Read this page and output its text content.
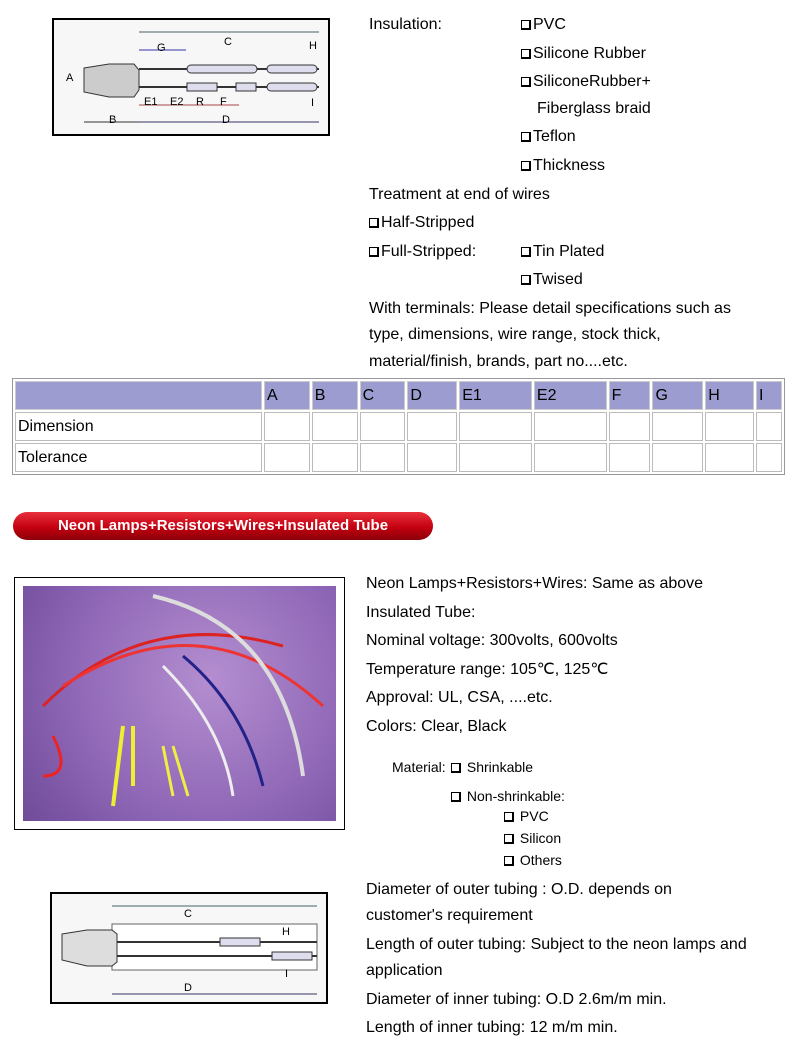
G	C	H
A
E1 E2 R F	I
B	D
Insulation:	PVC
Silicone Rubber
SiliconeRubber+
Fiberglass braid
Teflon
Thickness
Treatment at end of wires
Half-Stripped
Full-Stripped:	Tin Plated
Twised
With terminals: Please detail specifications such as
type, dimensions, wire range, stock thick,
material/finish, brands, part no....etc.
	A	B	C	D	E1	E2	F	G	H	I
Dimension										
Tolerance										
Neon Lamps+Resistors+Wires+Insulated Tube
Neon Lamps+Resistors+Wires: Same as above
Insulated Tube:
Nominal voltage: 300volts, 600volts
Temperature range: 105℃, 125℃
Approval: UL, CSA, ....etc.
Colors: Clear, Black
Material:	Shrinkable
Non-shrinkable:
PVC
Silicon
Others
C
D
H
I
Diameter of outer tubing : O.D. depends on
customer's requirement
Length of outer tubing: Subject to the neon lamps and
application
Diameter of inner tubing: O.D 2.6m/m min.
Length of inner tubing: 12 m/m min.
